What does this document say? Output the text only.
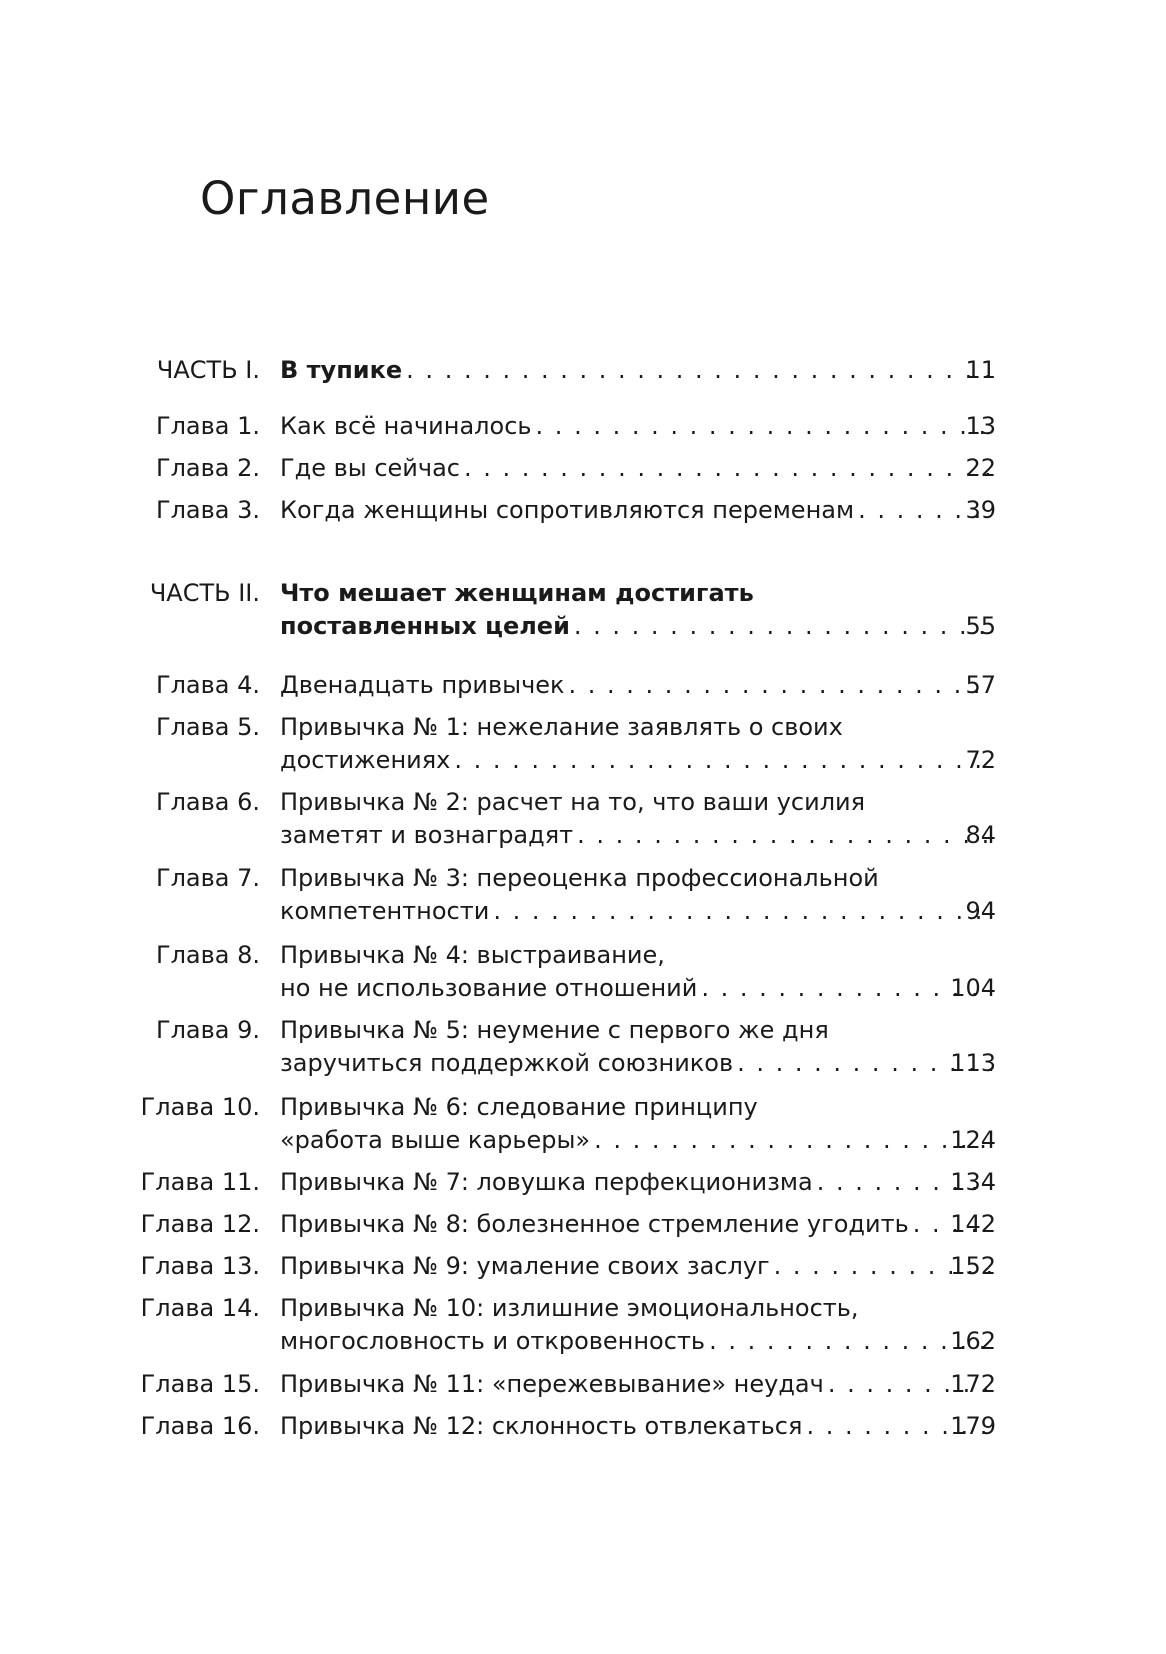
Оглавление
ЧАСТЬ I. В тупике . . .	11
Глава 1. Как всё начиналось . . .	13
Глава 2. Где вы сейчас . . .	22
Глава 3. Когда женщины сопротивляются переменам . . .	39
ЧАСТЬ II. Что мешает женщинам достигать
поставленных целей . . .	55
Глава 4. Двенадцать привычек . . .	57
Глава 5. Привычка № 1: нежелание заявлять о своих
достижениях . . .	72
Глава 6. Привычка № 2: расчет на то, что ваши усилия
заметят и вознаградят . . .	84
Глава 7. Привычка № 3: переоценка профессиональной
компетентности . . .	94
Глава 8. Привычка № 4: выстраивание,
но не использование отношений . . .	104
Глава 9. Привычка № 5: неумение с первого же дня
заручиться поддержкой союзников . . .	113
Глава 10. Привычка № 6: следование принципу
«работа выше карьеры» . . .	124
Глава 11. Привычка № 7: ловушка перфекционизма . . .	134
Глава 12. Привычка № 8: болезненное стремление угодить . . .	142
Глава 13. Привычка № 9: умаление своих заслуг . . .	152
Глава 14. Привычка № 10: излишние эмоциональность,
многословность и откровенность . . .	162
Глава 15. Привычка № 11: «пережевывание» неудач . . .	172
Глава 16. Привычка № 12: склонность отвлекаться . . .	179
